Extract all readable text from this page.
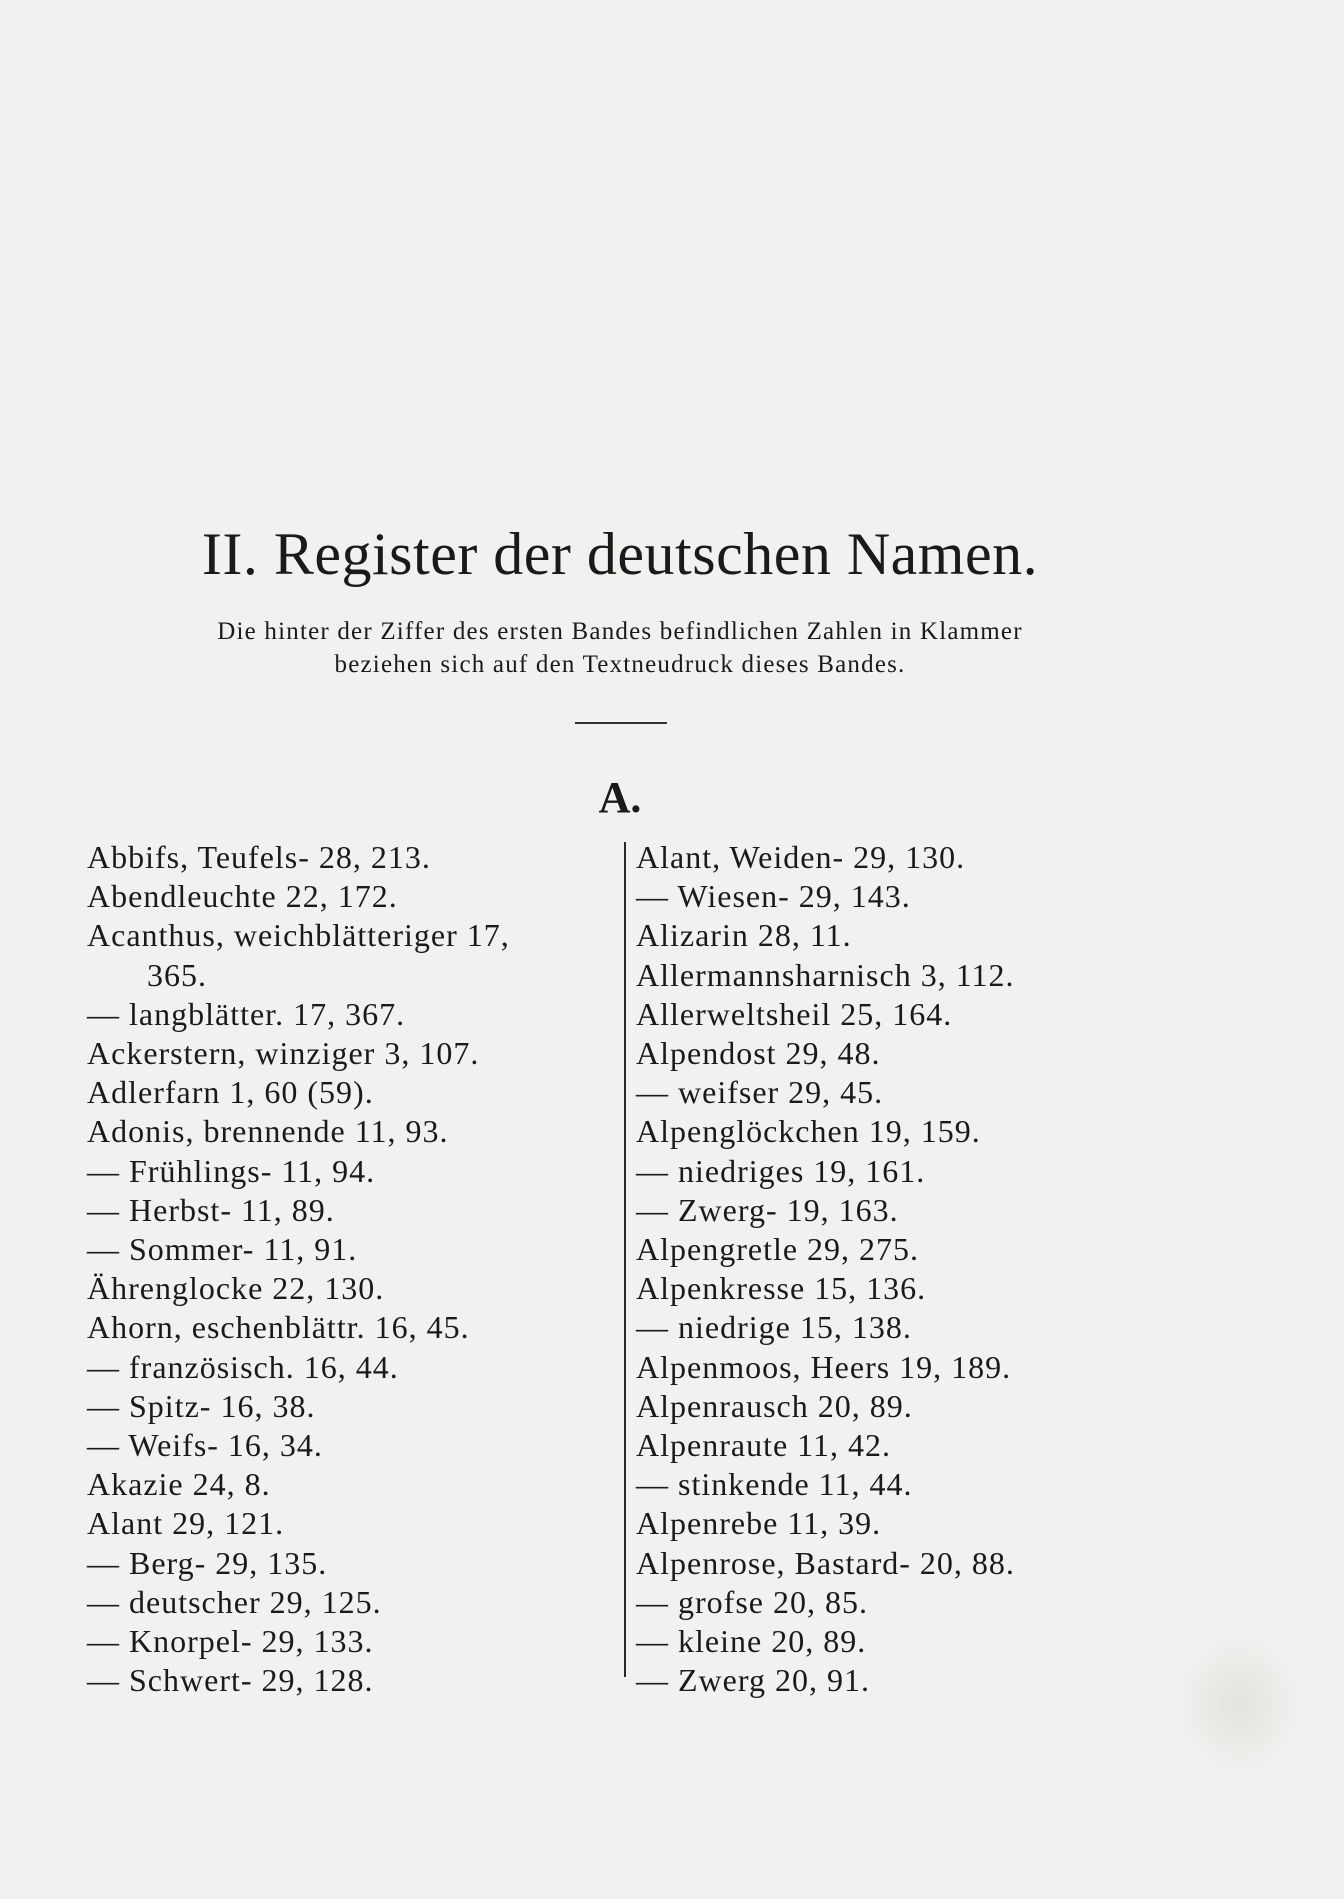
II. Register der deutschen Namen.
Die hinter der Ziffer des ersten Bandes befindlichen Zahlen in Klammer
beziehen sich auf den Textneudruck dieses Bandes.
A.
Abbifs, Teufels- 28, 213.
Abendleuchte 22, 172.
Acanthus, weichblätteriger 17,
365.
— langblätter. 17, 367.
Ackerstern, winziger 3, 107.
Adlerfarn 1, 60 (59).
Adonis, brennende 11, 93.
— Frühlings- 11, 94.
— Herbst- 11, 89.
— Sommer- 11, 91.
Ährenglocke 22, 130.
Ahorn, eschenblättr. 16, 45.
— französisch. 16, 44.
— Spitz- 16, 38.
— Weifs- 16, 34.
Akazie 24, 8.
Alant 29, 121.
— Berg- 29, 135.
— deutscher 29, 125.
— Knorpel- 29, 133.
— Schwert- 29, 128.
Alant, Weiden- 29, 130.
— Wiesen- 29, 143.
Alizarin 28, 11.
Allermannsharnisch 3, 112.
Allerweltsheil 25, 164.
Alpendost 29, 48.
— weifser 29, 45.
Alpenglöckchen 19, 159.
— niedriges 19, 161.
— Zwerg- 19, 163.
Alpengretle 29, 275.
Alpenkresse 15, 136.
— niedrige 15, 138.
Alpenmoos, Heers 19, 189.
Alpenrausch 20, 89.
Alpenraute 11, 42.
— stinkende 11, 44.
Alpenrebe 11, 39.
Alpenrose, Bastard- 20, 88.
— grofse 20, 85.
— kleine 20, 89.
— Zwerg 20, 91.
